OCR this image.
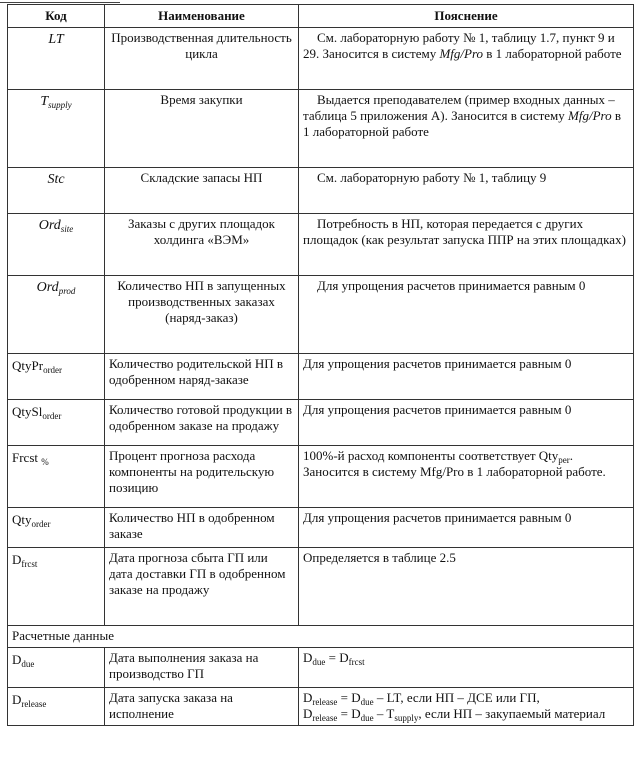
Код	Наименование	Пояснение
LT	Производственная длительность цикла	См. лабораторную работу № 1, таблицу 1.7, пункт 9 и 29. Заносится в систему Mfg/Pro в 1 лабораторной работе
$T_{supply}$	Время закупки	Выдается преподавателем (пример входных данных – таблица 5 приложения А). Заносится в систему Mfg/Pro в 1 лабораторной работе
Stc	Складские запасы НП	См. лабораторную работу № 1, таблицу 9
Ord$_{site}$	Заказы с других площадок холдинга «ВЭМ»	Потребность в НП, которая передается с других площадок (как результат запуска ППР на этих площадках)
Ord$_{prod}$	Количество НП в запущенных производственных заказах (наряд-заказ)	Для упрощения расчетов принимается равным 0
QtyPr$_{order}$	Количество родительской НП в одобренном наряд-заказе	Для упрощения расчетов принимается равным 0
QtySl$_{order}$	Количество готовой продукции в одобренном заказе на продажу	Для упрощения расчетов принимается равным 0
Frcst $_{\%}$	Процент прогноза расхода компоненты на родительскую позицию	100%-й расход компоненты соответствует Qty$_{per}$. Заносится в систему Mfg/Pro в 1 лабораторной работе.
Qty$_{order}$	Количество НП в одобренном заказе	Для упрощения расчетов принимается равным 0
$D_{frcst}$	Дата прогноза сбыта ГП или дата доставки ГП в одобренном заказе на продажу	Определяется в таблице 2.5
Расчетные данные		
$D_{due}$	Дата выполнения заказа на производство ГП	$D_{due} = D_{frcst}$
$D_{release}$	Дата запуска заказа на исполнение	$D_{release} = D_{due}$ – LT, если НП – ДСЕ или ГП,
$D_{release} = D_{due} - T_{supply}$, если НП – закупаемый материал
